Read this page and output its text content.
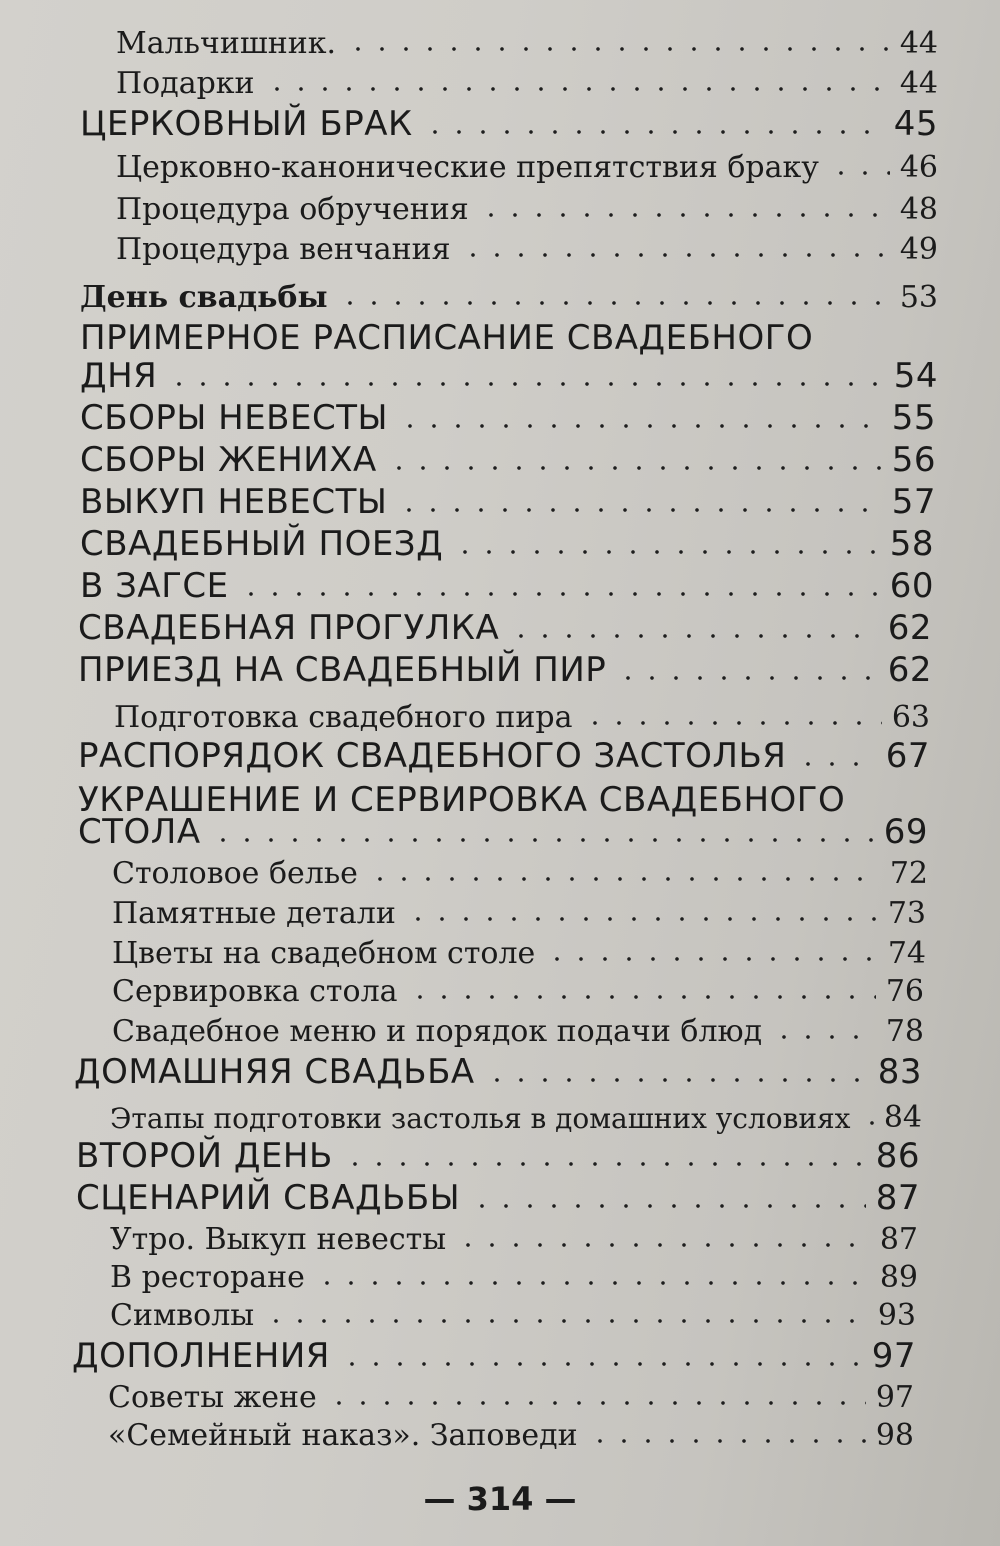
Мальчишник.	44
Подарки	44
ЦЕРКОВНЫЙ БРАК	45
Церковно-канонические препятствия браку	46
Процедура обручения	48
Процедура венчания	49
День свадьбы	53
ПРИМЕРНОЕ РАСПИСАНИЕ СВАДЕБНОГО
ДНЯ	54
СБОРЫ НЕВЕСТЫ	55
СБОРЫ ЖЕНИХА	56
ВЫКУП НЕВЕСТЫ	57
СВАДЕБНЫЙ ПОЕЗД	58
В ЗАГСЕ	60
СВАДЕБНАЯ ПРОГУЛКА	62
ПРИЕЗД НА СВАДЕБНЫЙ ПИР	62
Подготовка свадебного пира	63
РАСПОРЯДОК СВАДЕБНОГО ЗАСТОЛЬЯ	67
УКРАШЕНИЕ И СЕРВИРОВКА СВАДЕБНОГО
СТОЛА	69
Столовое белье	72
Памятные детали	73
Цветы на свадебном столе	74
Сервировка стола	76
Свадебное меню и порядок подачи блюд	78
ДОМАШНЯЯ СВАДЬБА	83
Этапы подготовки застолья в домашних условиях 84
ВТОРОЙ ДЕНЬ	86
СЦЕНАРИЙ СВАДЬБЫ	87
Утро. Выкуп невесты	87
В ресторане	89
Символы	93
ДОПОЛНЕНИЯ	97
Советы жене	97
«Семейный наказ». Заповеди	98
— 314 —
